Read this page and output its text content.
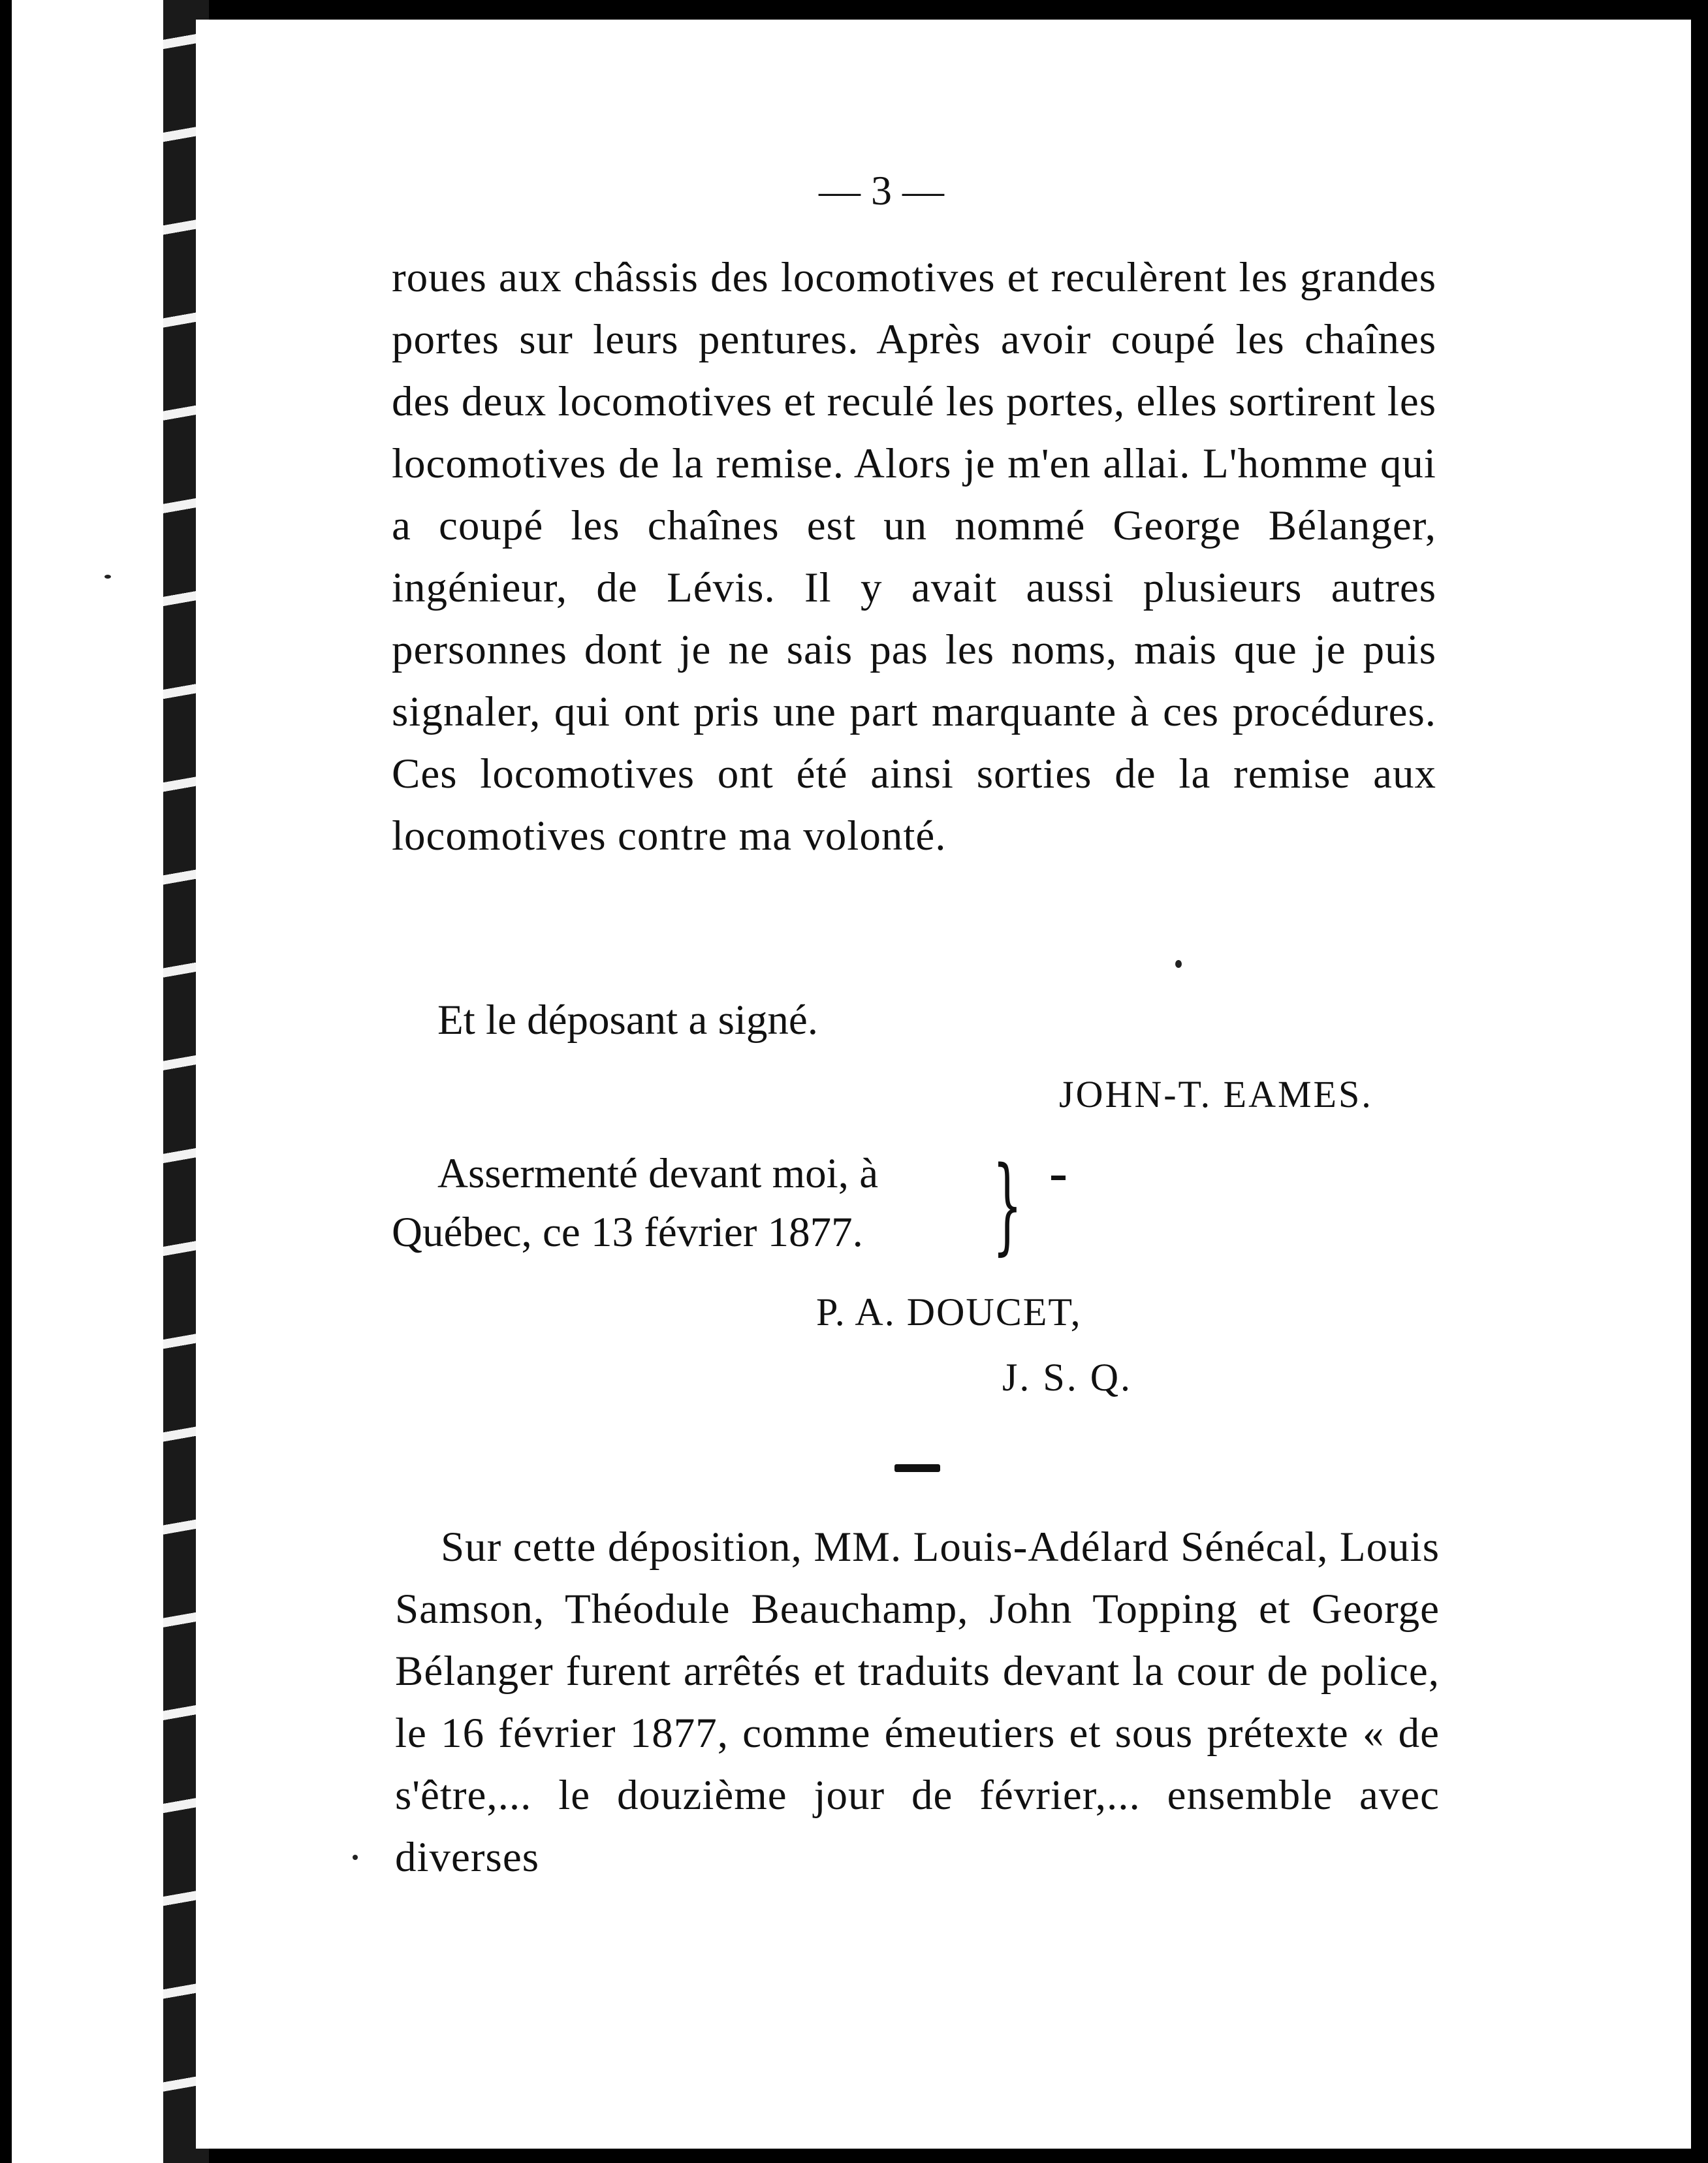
— 3 —
roues aux châssis des locomotives et reculèrent les grandes portes sur leurs pentures. Après avoir coupé les chaînes des deux locomotives et reculé les portes, elles sortirent les locomotives de la remise. Alors je m'en allai. L'homme qui a coupé les chaînes est un nommé George Bélanger, ingénieur, de Lévis. Il y avait aussi plusieurs autres personnes dont je ne sais pas les noms, mais que je puis signaler, qui ont pris une part marquante à ces procédures. Ces locomotives ont été ainsi sorties de la remise aux locomotives contre ma volonté.
Et le déposant a signé.
JOHN-T. EAMES.
Assermenté devant moi, à
Québec, ce 13 février 1877.	}
P. A. DOUCET,
J. S. Q.
Sur cette déposition, MM. Louis-Adélard Sénécal, Louis Samson, Théodule Beauchamp, John Topping et George Bélanger furent arrêtés et traduits devant la cour de police, le 16 février 1877, comme émeutiers et sous prétexte « de s'être,... le douzième jour de février,... ensemble avec diverses
